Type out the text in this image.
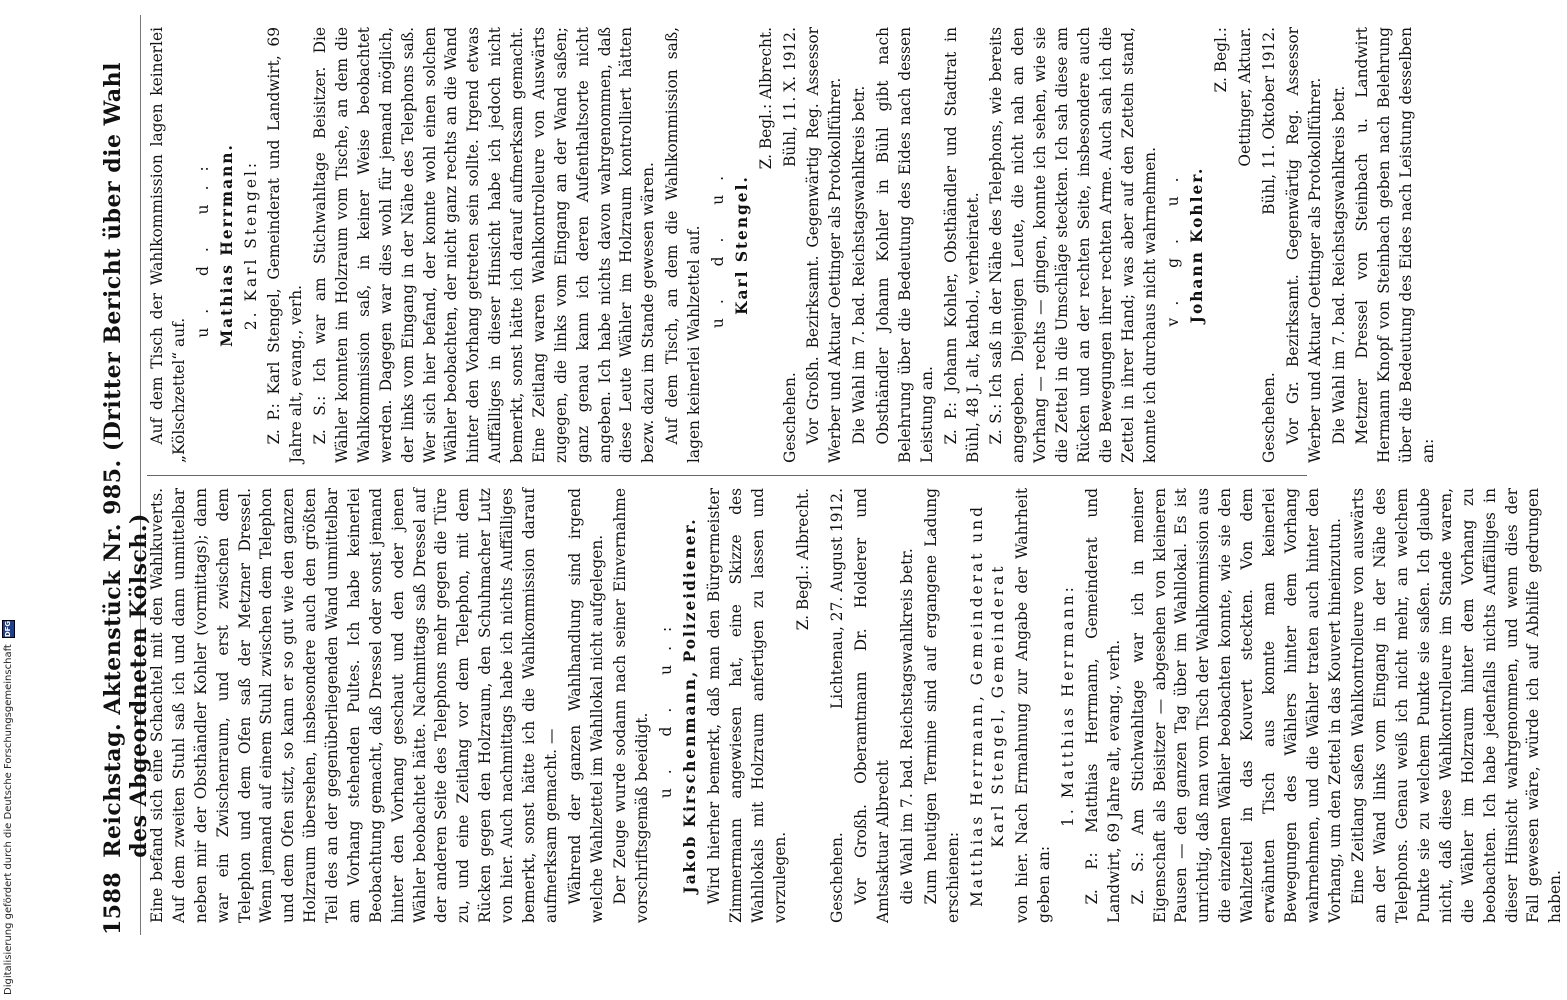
1588
Reichstag. Aktenstück Nr. 985. (Dritter Bericht über die Wahl des Abgeordneten Kölsch.)

Eine befand sich eine Schachtel mit den Wahlkuverts. Auf dem zweiten Stuhl saß ich und dann unmittelbar neben mir der Obsthändler Kohler (vormittags); dann war ein Zwischenraum, und erst zwischen dem Telephon und dem Ofen saß der Metzner Dressel. Wenn jemand auf einem Stuhl zwischen dem Telephon und dem Ofen sitzt, so kann er so gut wie den ganzen Holzraum übersehen, insbesondere auch den größten Teil des an der gegenüberliegenden Wand unmittelbar am Vorhang stehenden Pultes. Ich habe keinerlei Beobachtung gemacht, daß Dressel oder sonst jemand hinter den Vorhang geschaut und den oder jenen Wähler beobachtet hätte. Nachmittags saß Dressel auf der anderen Seite des Telephons mehr gegen die Türe zu, und eine Zeitlang vor dem Telephon, mit dem Rücken gegen den Holzraum, den Schuhmacher Lutz von hier. Auch nachmittags habe ich nichts Auffälliges bemerkt, sonst hätte ich die Wahlkommission darauf aufmerksam gemacht. — Während der ganzen Wahlhandlung sind irgend welche Wahlzettel im Wahllokal nicht aufgelegen. Der Zeuge wurde sodann nach seiner Einvernahme vorschriftsgemäß beeidigt.

u. d. u.: Jakob Kirschenmann, Polizeidiener. Wird hierher bemerkt, daß man den Bürgermeister Zimmermann angewiesen hat, eine Skizze des Wahllokals mit Holzraum anfertigen zu lassen und vorzulegen.

Z. Begl.: Albrecht.

Geschehen.
Lichtenau, 27. August 1912. Vor Großh. Oberamtmann Dr. Holderer und Amtsaktuar Albrecht die Wahl im 7. bad. Reichstagswahlkreis betr. Zum heutigen Termine sind auf ergangene Ladung erschienen: Matthias Herrmann, Gemeinderat und Karl Stengel, Gemeinderat von hier. Nach Ermahnung zur Angabe der Wahrheit geben an:

1. Matthias Herrmann: Z. P.: Matthias Herrmann, Gemeinderat und Landwirt, 69 Jahre alt, evang., verh. Z. S.: Am Stichwahltage war ich in meiner Eigenschaft als Beisitzer — abgesehen von kleineren Pausen — den ganzen Tag über im Wahllokal. Es ist unrichtig, daß man vom Tisch der Wahlkommission aus die einzelnen Wähler beobachten konnte, wie sie den Wahlzettel in das Kouvert steckten. Von dem erwähnten Tisch aus konnte man keinerlei Bewegungen des Wählers hinter dem Vorhang wahrnehmen, und die Wähler traten auch hinter den Vorhang, um den Zettel in das Kouvert hineinzutun. Eine Zeitlang saßen Wahlkontrolleure von auswärts an der Wand links vom Eingang in der Nähe des Telephons. Genau weiß ich nicht mehr, an welchem Punkte sie zu welchem Punkte sie saßen. Ich glaube nicht, daß diese Wahlkontrolleure im Stande waren, die Wähler im Holzraum hinter dem Vorhang zu beobachten. Ich habe jedenfalls nichts Auffälliges in dieser Hinsicht wahrgenommen, und wenn dies der Fall gewesen wäre, würde ich auf Abhilfe gedrungen haben.

Auf dem Tisch der Wahlkommission lagen keinerlei „Kölschzettel“ auf.

u. d. u.: Mathias Herrmann. 2. Karl Stengel: Z. P.: Karl Stengel, Gemeinderat und Landwirt, 69 Jahre alt, evang., verh. Z. S.: Ich war am Stichwahltage Beisitzer. Die Wähler konnten im Holzraum vom Tische, an dem die Wahlkommission saß, in keiner Weise beobachtet werden. Dagegen war dies wohl für jemand möglich, der links vom Eingang in der Nähe des Telephons saß. Wer sich hier befand, der konnte wohl einen solchen Wähler beobachten, der nicht ganz rechts an die Wand hinter den Vorhang getreten sein sollte. Irgend etwas Auffälliges in dieser Hinsicht habe ich jedoch nicht bemerkt, sonst hätte ich darauf aufmerksam gemacht. Eine Zeitlang waren Wahlkontrolleure von Auswärts zugegen, die links vom Eingang an der Wand saßen; ganz genau kann ich deren Aufenthaltsorte nicht angeben. Ich habe nichts davon wahrgenommen, daß diese Leute Wähler im Holzraum kontrolliert hätten bezw. dazu im Stande gewesen wären. Auf dem Tisch, an dem die Wahlkommission saß, lagen keinerlei Wahlzettel auf. u. d. u. Karl Stengel.

Z. Begl.: Albrecht.

Geschehen.
Bühl, 11. X. 1912. Vor Großh. Bezirksamt. Gegenwärtig Reg. Assessor Werber und Aktuar Oettinger als Protokollführer. Die Wahl im 7. bad. Reichstagswahlkreis betr. Obsthändler Johann Kohler in Bühl gibt nach Belehrung über die Bedeutung des Eides nach dessen Leistung an. Z. P.: Johann Kohler, Obsthändler und Stadtrat in Bühl, 48 J. alt, kathol., verheiratet. Z. S.: Ich saß in der Nähe des Telephons, wie bereits angegeben. Diejenigen Leute, die nicht nah an den Vorhang — rechts — gingen, konnte ich sehen, wie sie die Zettel in die Umschläge steckten. Ich sah diese am Rücken und an der rechten Seite, insbesondere auch die Bewegungen ihrer rechten Arme. Auch sah ich die Zettel in ihrer Hand; was aber auf den Zetteln stand, konnte ich durchaus nicht wahrnehmen. v. g. u. Johann Kohler.

Z. Begl.: Oettinger, Aktuar.

Geschehen.
Bühl, 11. Oktober 1912. Vor Gr. Bezirksamt. Gegenwärtig Reg. Assessor Werber und Aktuar Oettinger als Protokollführer. Die Wahl im 7. bad. Reichstagswahlkreis betr. Metzner Dressel von Steinbach u. Landwirt Hermann Knopf von Steinbach geben nach Belehrung über die Bedeutung des Eides nach Leistung desselben an:

Digitalisierung gefördert durch die Deutsche Forschungsgemeinschaft
DFG
